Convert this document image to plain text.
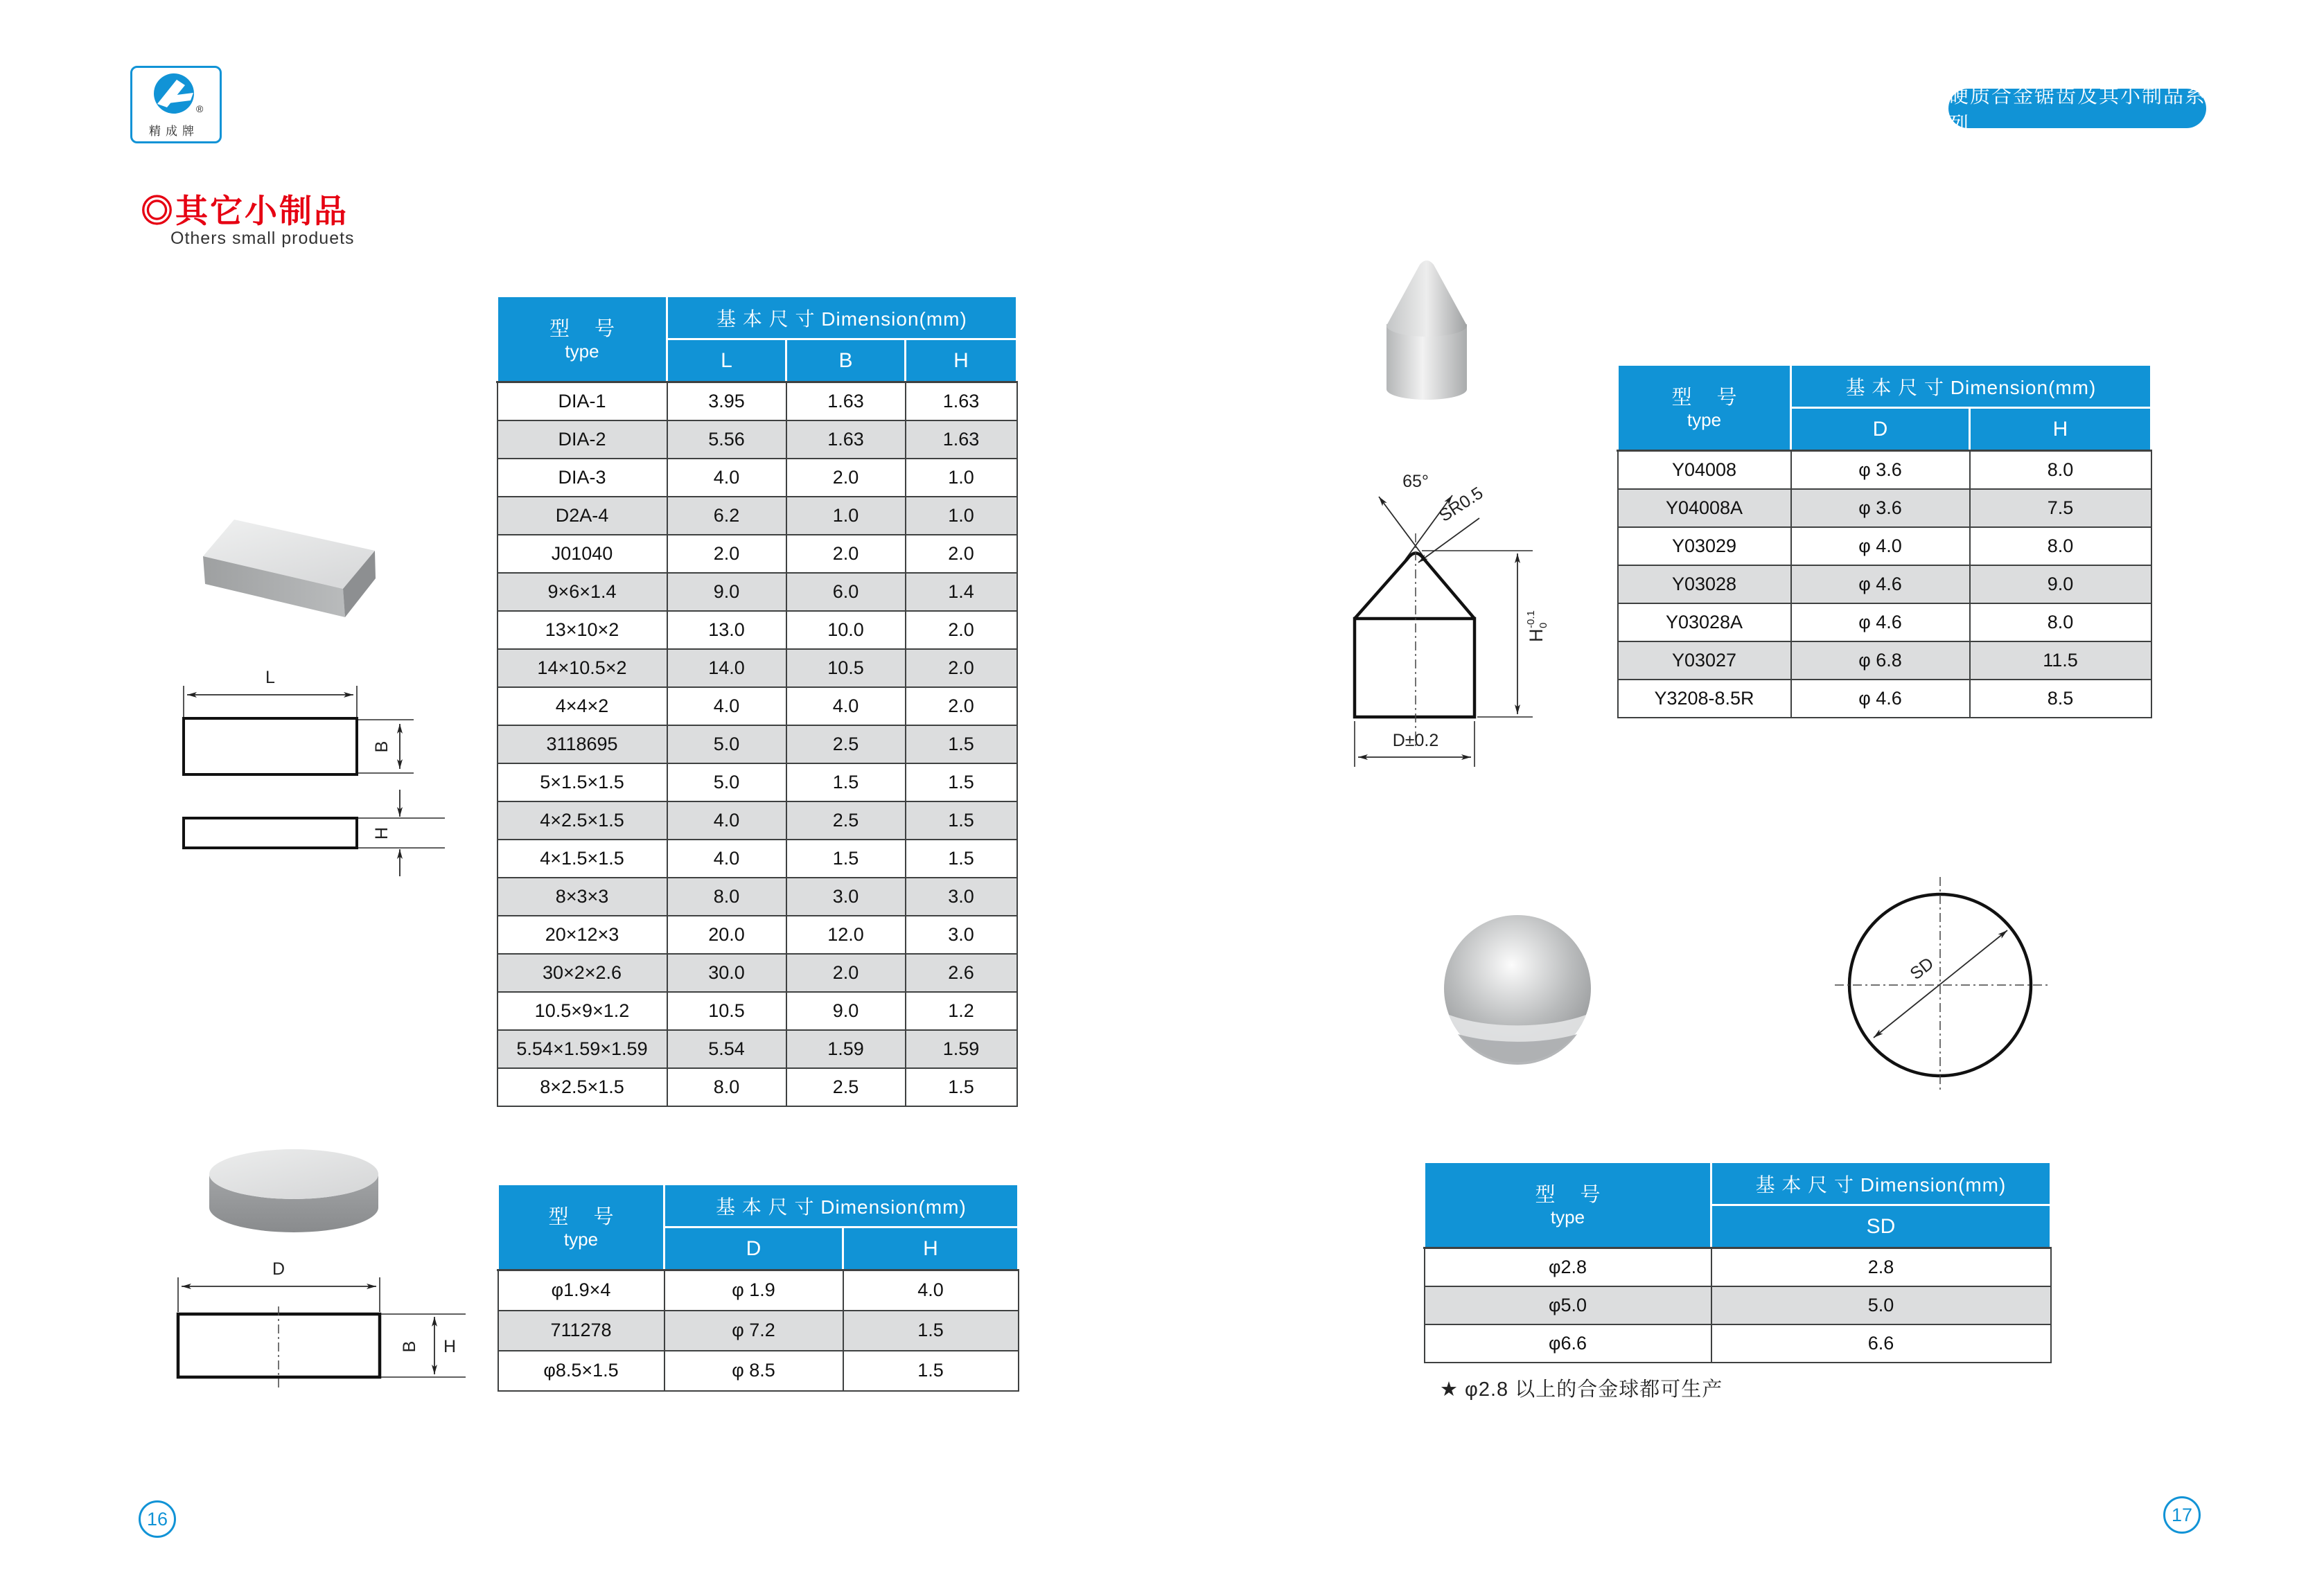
®
精成牌
硬质合金锯齿及其小制品系列
◎其它小制品
Others small produets
L
B
H
型 号
type	基 本 尺 寸 Dimension(mm)		
	L	B	H
DIA-1	3.95	1.63	1.63
DIA-2	5.56	1.63	1.63
DIA-3	4.0	2.0	1.0
D2A-4	6.2	1.0	1.0
J01040	2.0	2.0	2.0
9×6×1.4	9.0	6.0	1.4
13×10×2	13.0	10.0	2.0
14×10.5×2	14.0	10.5	2.0
4×4×2	4.0	4.0	2.0
3118695	5.0	2.5	1.5
5×1.5×1.5	5.0	1.5	1.5
4×2.5×1.5	4.0	2.5	1.5
4×1.5×1.5	4.0	1.5	1.5
8×3×3	8.0	3.0	3.0
20×12×3	20.0	12.0	3.0
30×2×2.6	30.0	2.0	2.6
10.5×9×1.2	10.5	9.0	1.2
5.54×1.59×1.59	5.54	1.59	1.59
8×2.5×1.5	8.0	2.5	1.5
65°
SR0.5
H
-0.1 0
D±0.2
型 号
type	基 本 尺 寸 Dimension(mm)	
	D	H
Y04008	φ 3.6	8.0
Y04008A	φ 3.6	7.5
Y03029	φ 4.0	8.0
Y03028	φ 4.6	9.0
Y03028A	φ 4.6	8.0
Y03027	φ 6.8	11.5
Y3208-8.5R	φ 4.6	8.5
SD
型 号
type	基 本 尺 寸 Dimension(mm)
	SD
φ2.8	2.8
φ5.0	5.0
φ6.6	6.6
★ φ2.8 以上的合金球都可生产
D
B H
型 号
type	基 本 尺 寸 Dimension(mm)	
	D	H
φ1.9×4	φ 1.9	4.0
711278	φ 7.2	1.5
φ8.5×1.5	φ 8.5	1.5
16	17
